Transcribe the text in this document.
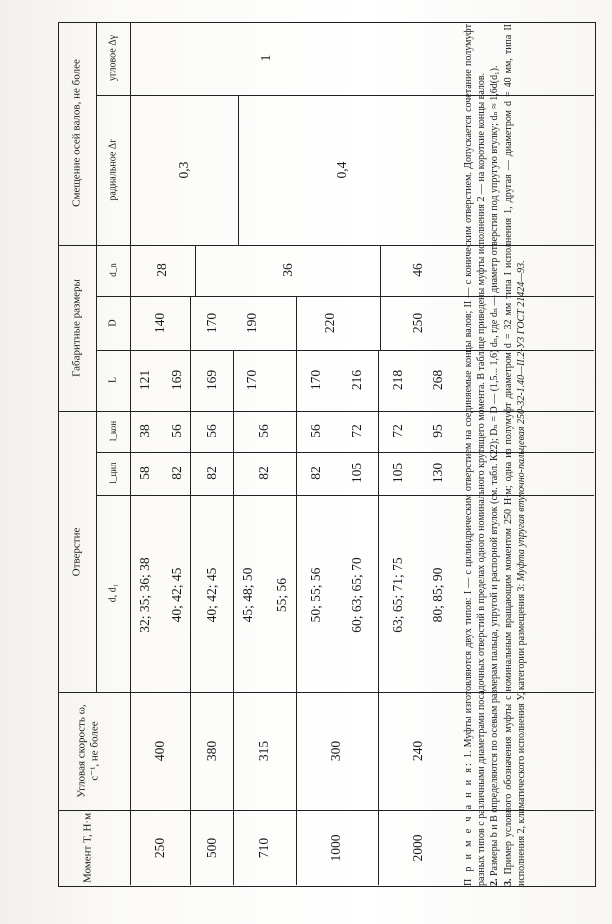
Момент T, Н·м
Угловая скорость ω, с⁻¹, не более
Отверстие
Габаритные размеры
Смещение осей валов, не более
d, d₁
l_цил
l_кон
L
D
d_n
радиальное Δr
угловое Δγ
250
400
32; 35; 36; 38 40; 42; 45
58 82
38 56
121 169
140
28
500
380
40; 42; 45
82
56
169
170
710
315
45; 48; 50 55; 56
82
56
170
190
36
1000
300
50; 55; 56 60; 63; 65; 70
82 105
56 72
170 216
220
2000
240
63; 65; 71; 75 80; 85; 90
105 130
72 95
218 268
250
46
0,3	0,4
1

П р и м е ч а н и я: 1. Муфты изготовляются двух типов: I — с цилиндрическим отверстием на соединяемые концы валов; II — с коническим отверстием. Допускается сочетание полумуфт разных типов с различными диаметрами посадочных отверстий в пределах одного номинального крутящего момента. В таблице приведены муфты исполнения 2 — на короткие концы валов. 2. Размеры b и B определяются по осевым размерам пальца, упругой и распорной втулок (см. табл. К22); Dₙ = D — (1,5... 1,6) dₙ, где dₙ — диаметр отверстия под упругую втулку; dₙ ≈ 1,6d(d₁).

3. Пример условного обозначения муфты с номинальным вращающим моментом 250 Н·м; одна из полумуфт диаметром d = 32 мм типа I исполнения 1, другая — диаметром d = 40 мм, типа II исполнения 2, климатического исполнения У, категории размещения 3: Муфта упругая втулочно-пальцевая 250-32-1.40—II.2-У3 ГОСТ 21424—93.
